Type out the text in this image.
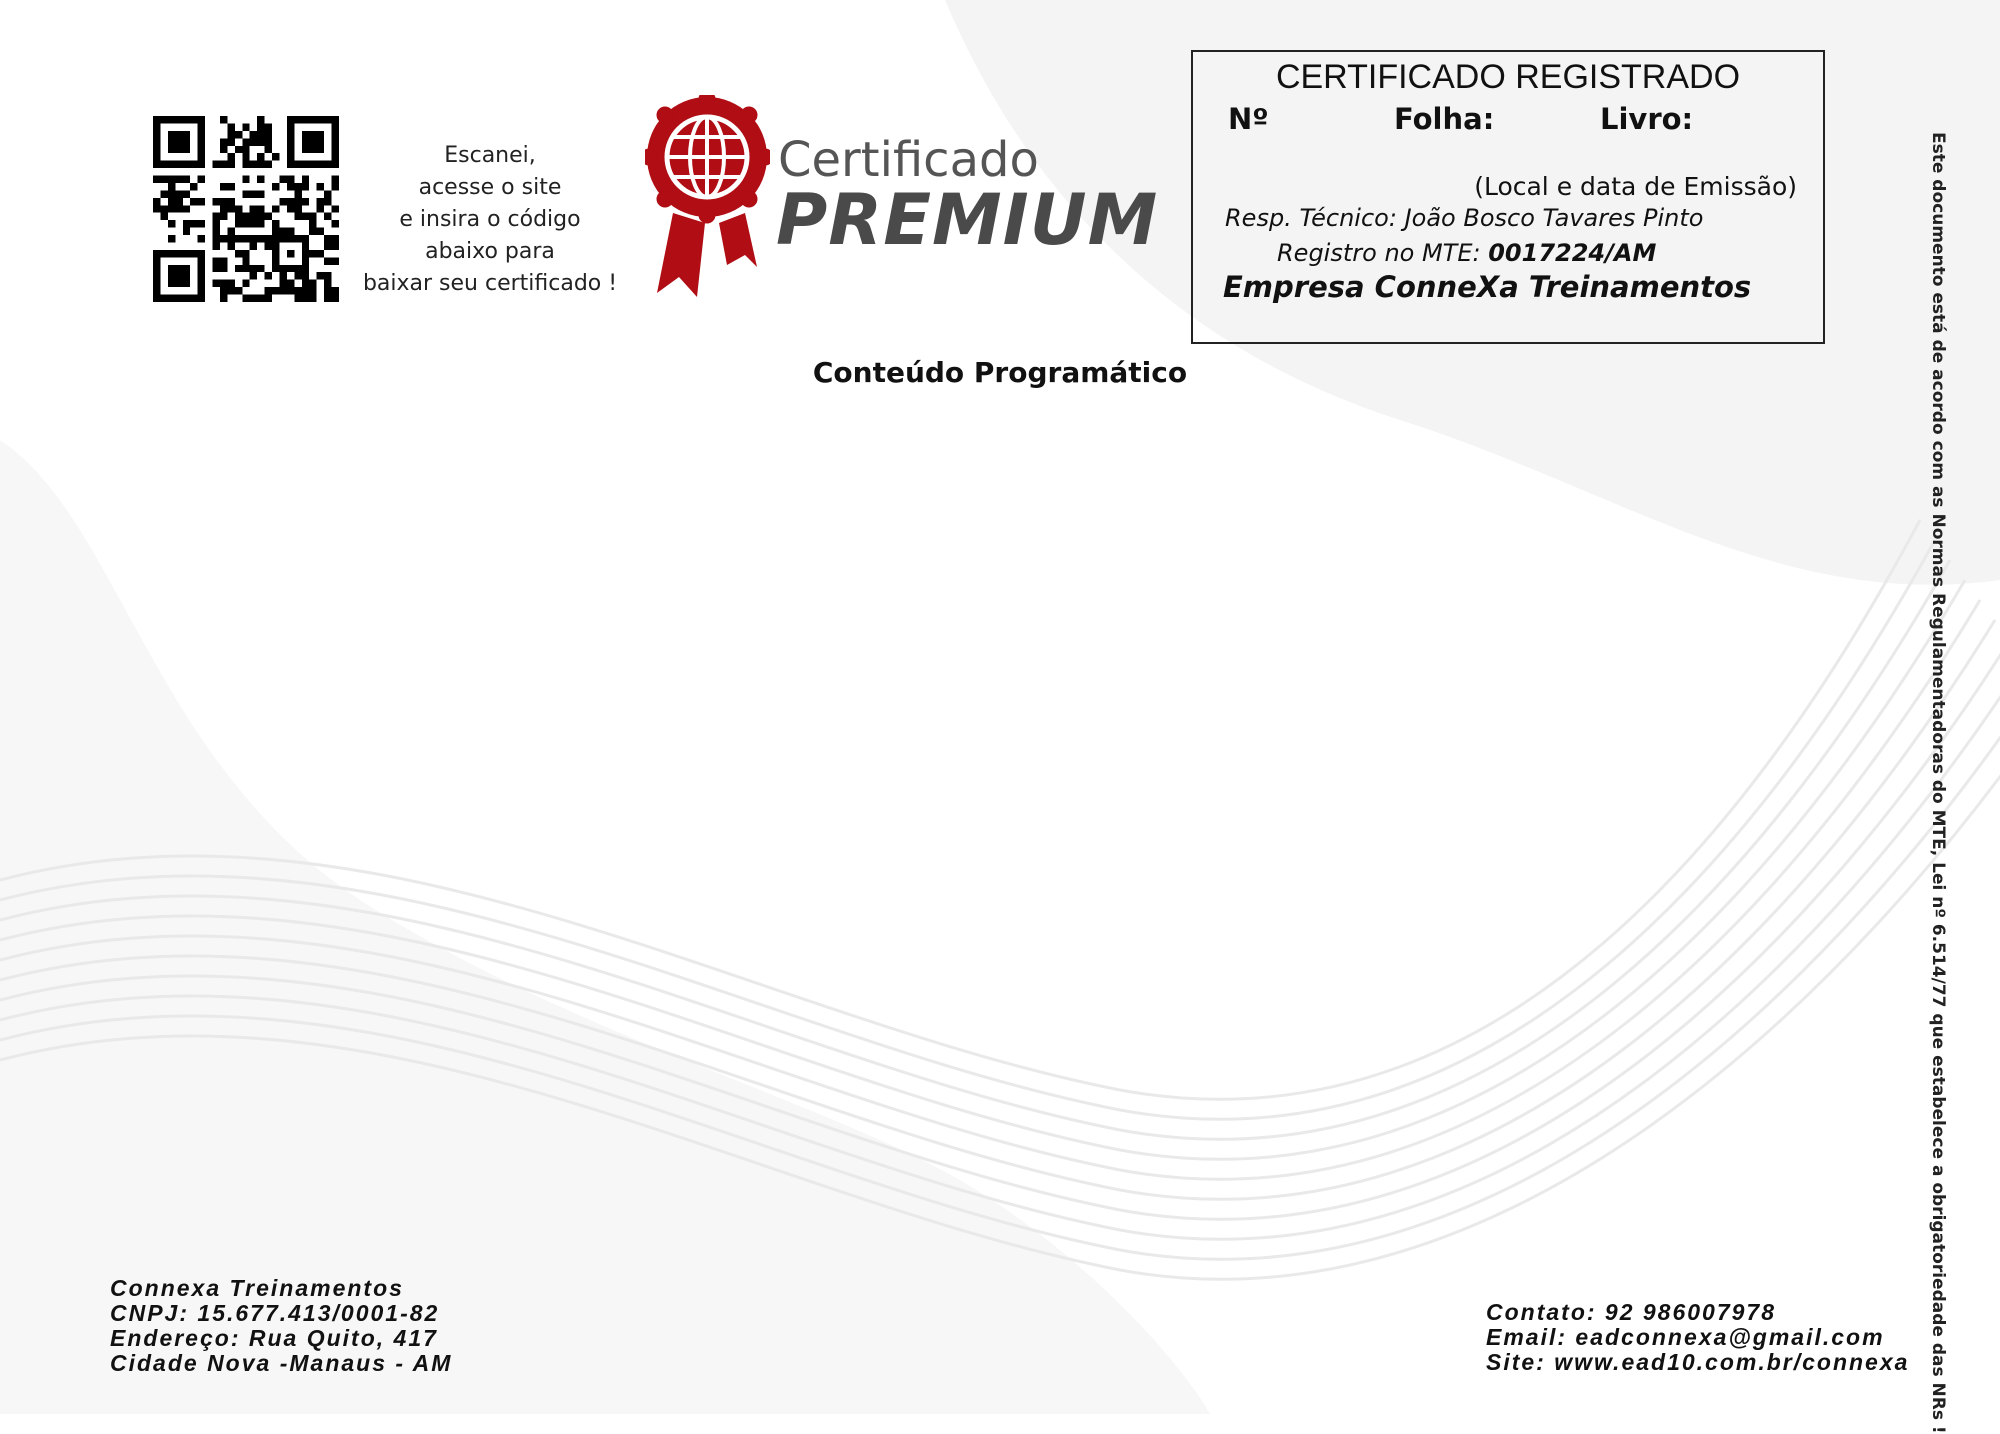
Escanei,
acesse o site
e insira o código
abaixo para
baixar seu certificado !
Certificado
PREMIUM
CERTIFICADO REGISTRADO
Nº	Folha:	Livro:
(Local e data de Emissão)
Resp. Técnico: João Bosco Tavares Pinto
Registro no MTE: 0017224/AM
Empresa ConneXa Treinamentos
Conteúdo Programático	Este documento está de acordo com as Normas Regulamentadoras do MTE, Lei nº 6.514/77 que estabelece a obrigatoriedade das NRs !
Connexa Treinamentos
CNPJ: 15.677.413/0001-82
Endereço: Rua Quito, 417
Cidade Nova -Manaus - AM
Contato: 92 986007978
Email: eadconnexa@gmail.com
Site: www.ead10.com.br/connexa
